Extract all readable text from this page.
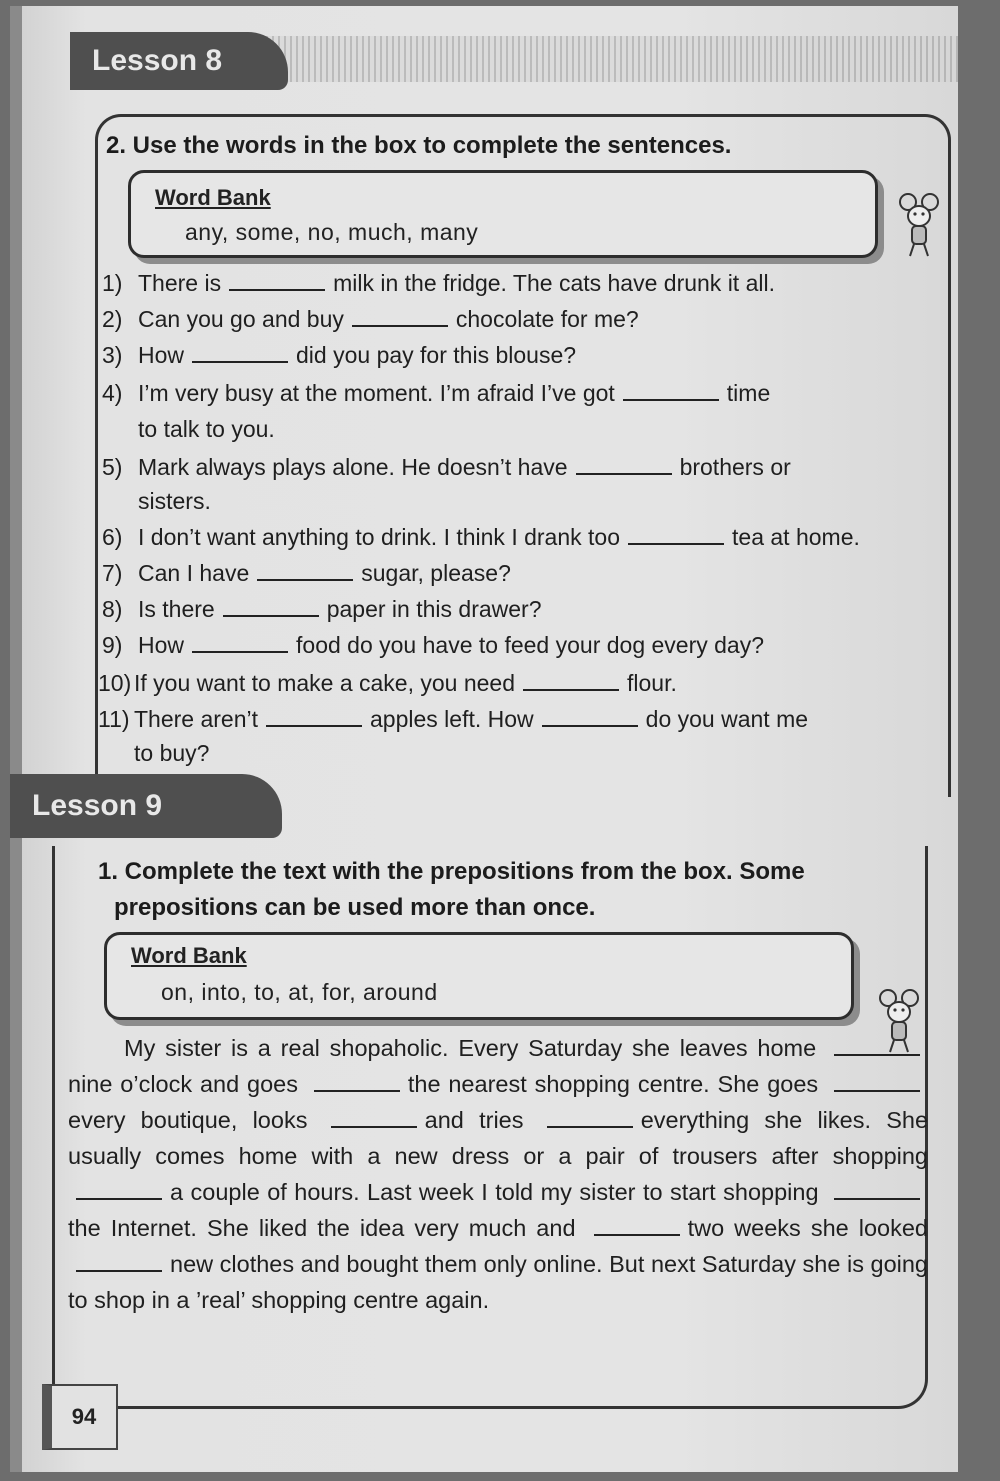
Lesson 8
2. Use the words in the box to complete the sentences.
Word Bank
any, some, no, much, many
1) There is	milk in the fridge. The cats have drunk it all.
2) Can you go and buy	chocolate for me?
3) How	did you pay for this blouse?
4) I’m very busy at the moment. I’m afraid I’ve got	time
to talk to you.
5) Mark always plays alone. He doesn’t have	brothers or
sisters.
6) I don’t want anything to drink. I think I drank too	tea at home.
7) Can I have	sugar, please?
8) Is there	paper in this drawer?
9) How	food do you have to feed your dog every day?
10) If you want to make a cake, you need	flour.
11) There aren’t	apples left. How	do you want me
to buy?
Lesson 9
1. Complete the text with the prepositions from the box. Some
prepositions can be used more than once.
Word Bank
on, into, to, at, for, around
My sister is a real shopaholic. Every Saturday she leaves home nine o’clock and goes	the nearest shopping centre. She goes every boutique, looks	and tries	everything she likes. She usually comes home with a new dress or a pair of trousers after shopping a couple of hours. Last week I told my sister to start shopping the Internet. She liked the idea very much and	two weeks she looked new clothes and bought them only online. But next Saturday she is going to shop in a ’real’ shopping centre again.
94
